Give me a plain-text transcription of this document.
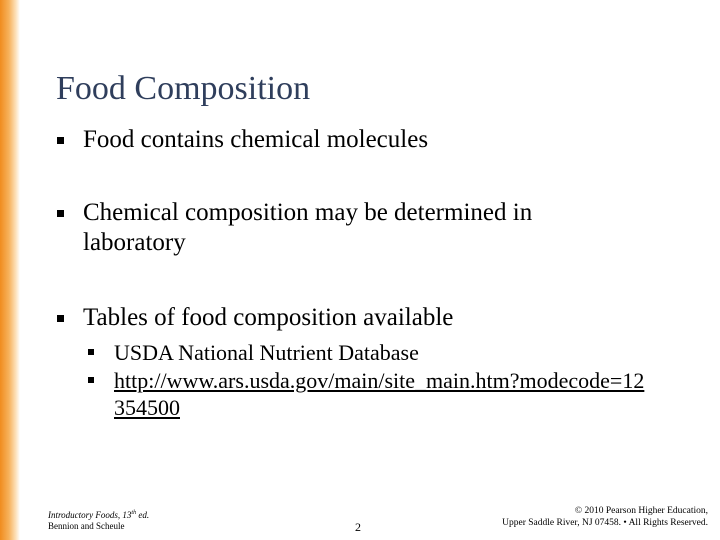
Food Composition
Food contains chemical molecules
Chemical composition may be determined in
laboratory
Tables of food composition available
USDA National Nutrient Database
http://www.ars.usda.gov/main/site_main.htm?modecode=12
354500
Introductory Foods, 13th ed.
Bennion and Scheule	2
© 2010 Pearson Higher Education,
Upper Saddle River, NJ 07458. • All Rights Reserved.
